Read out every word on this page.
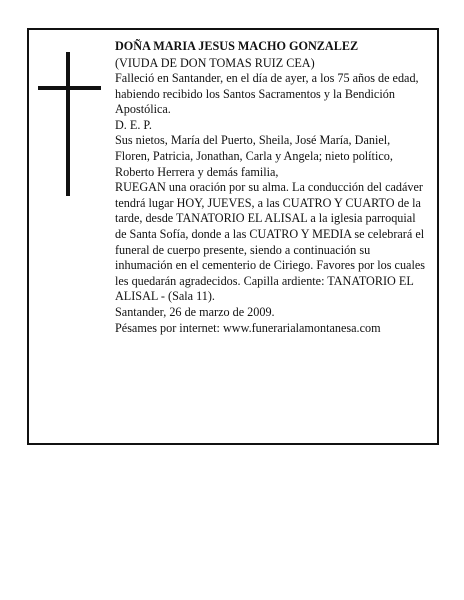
DOÑA MARIA JESUS MACHO GONZALEZ

(VIUDA DE DON TOMAS RUIZ CEA)

Falleció en Santander, en el día de ayer, a los 75 años de edad,

habiendo recibido los Santos Sacramentos y la Bendición Apostólica.

D. E. P.

Sus nietos, María del Puerto, Sheila, José María, Daniel, Floren, Patricia, Jonathan, Carla y Angela; nieto político, Roberto Herrera y demás familia,

RUEGAN una oración por su alma. La conducción del cadáver tendrá lugar HOY, JUEVES, a las CUATRO Y CUARTO de la tarde, desde TANATORIO EL ALISAL a la iglesia parroquial de Santa Sofía, donde a las CUATRO Y MEDIA se celebrará el funeral de cuerpo presente, siendo a continuación su inhumación en el cementerio de Ciriego. Favores por los cuales les quedarán agradecidos. Capilla ardiente: TANATORIO EL ALISAL - (Sala 11).

Santander, 26 de marzo de 2009.

Pésames por internet: www.funerarialamontanesa.com
